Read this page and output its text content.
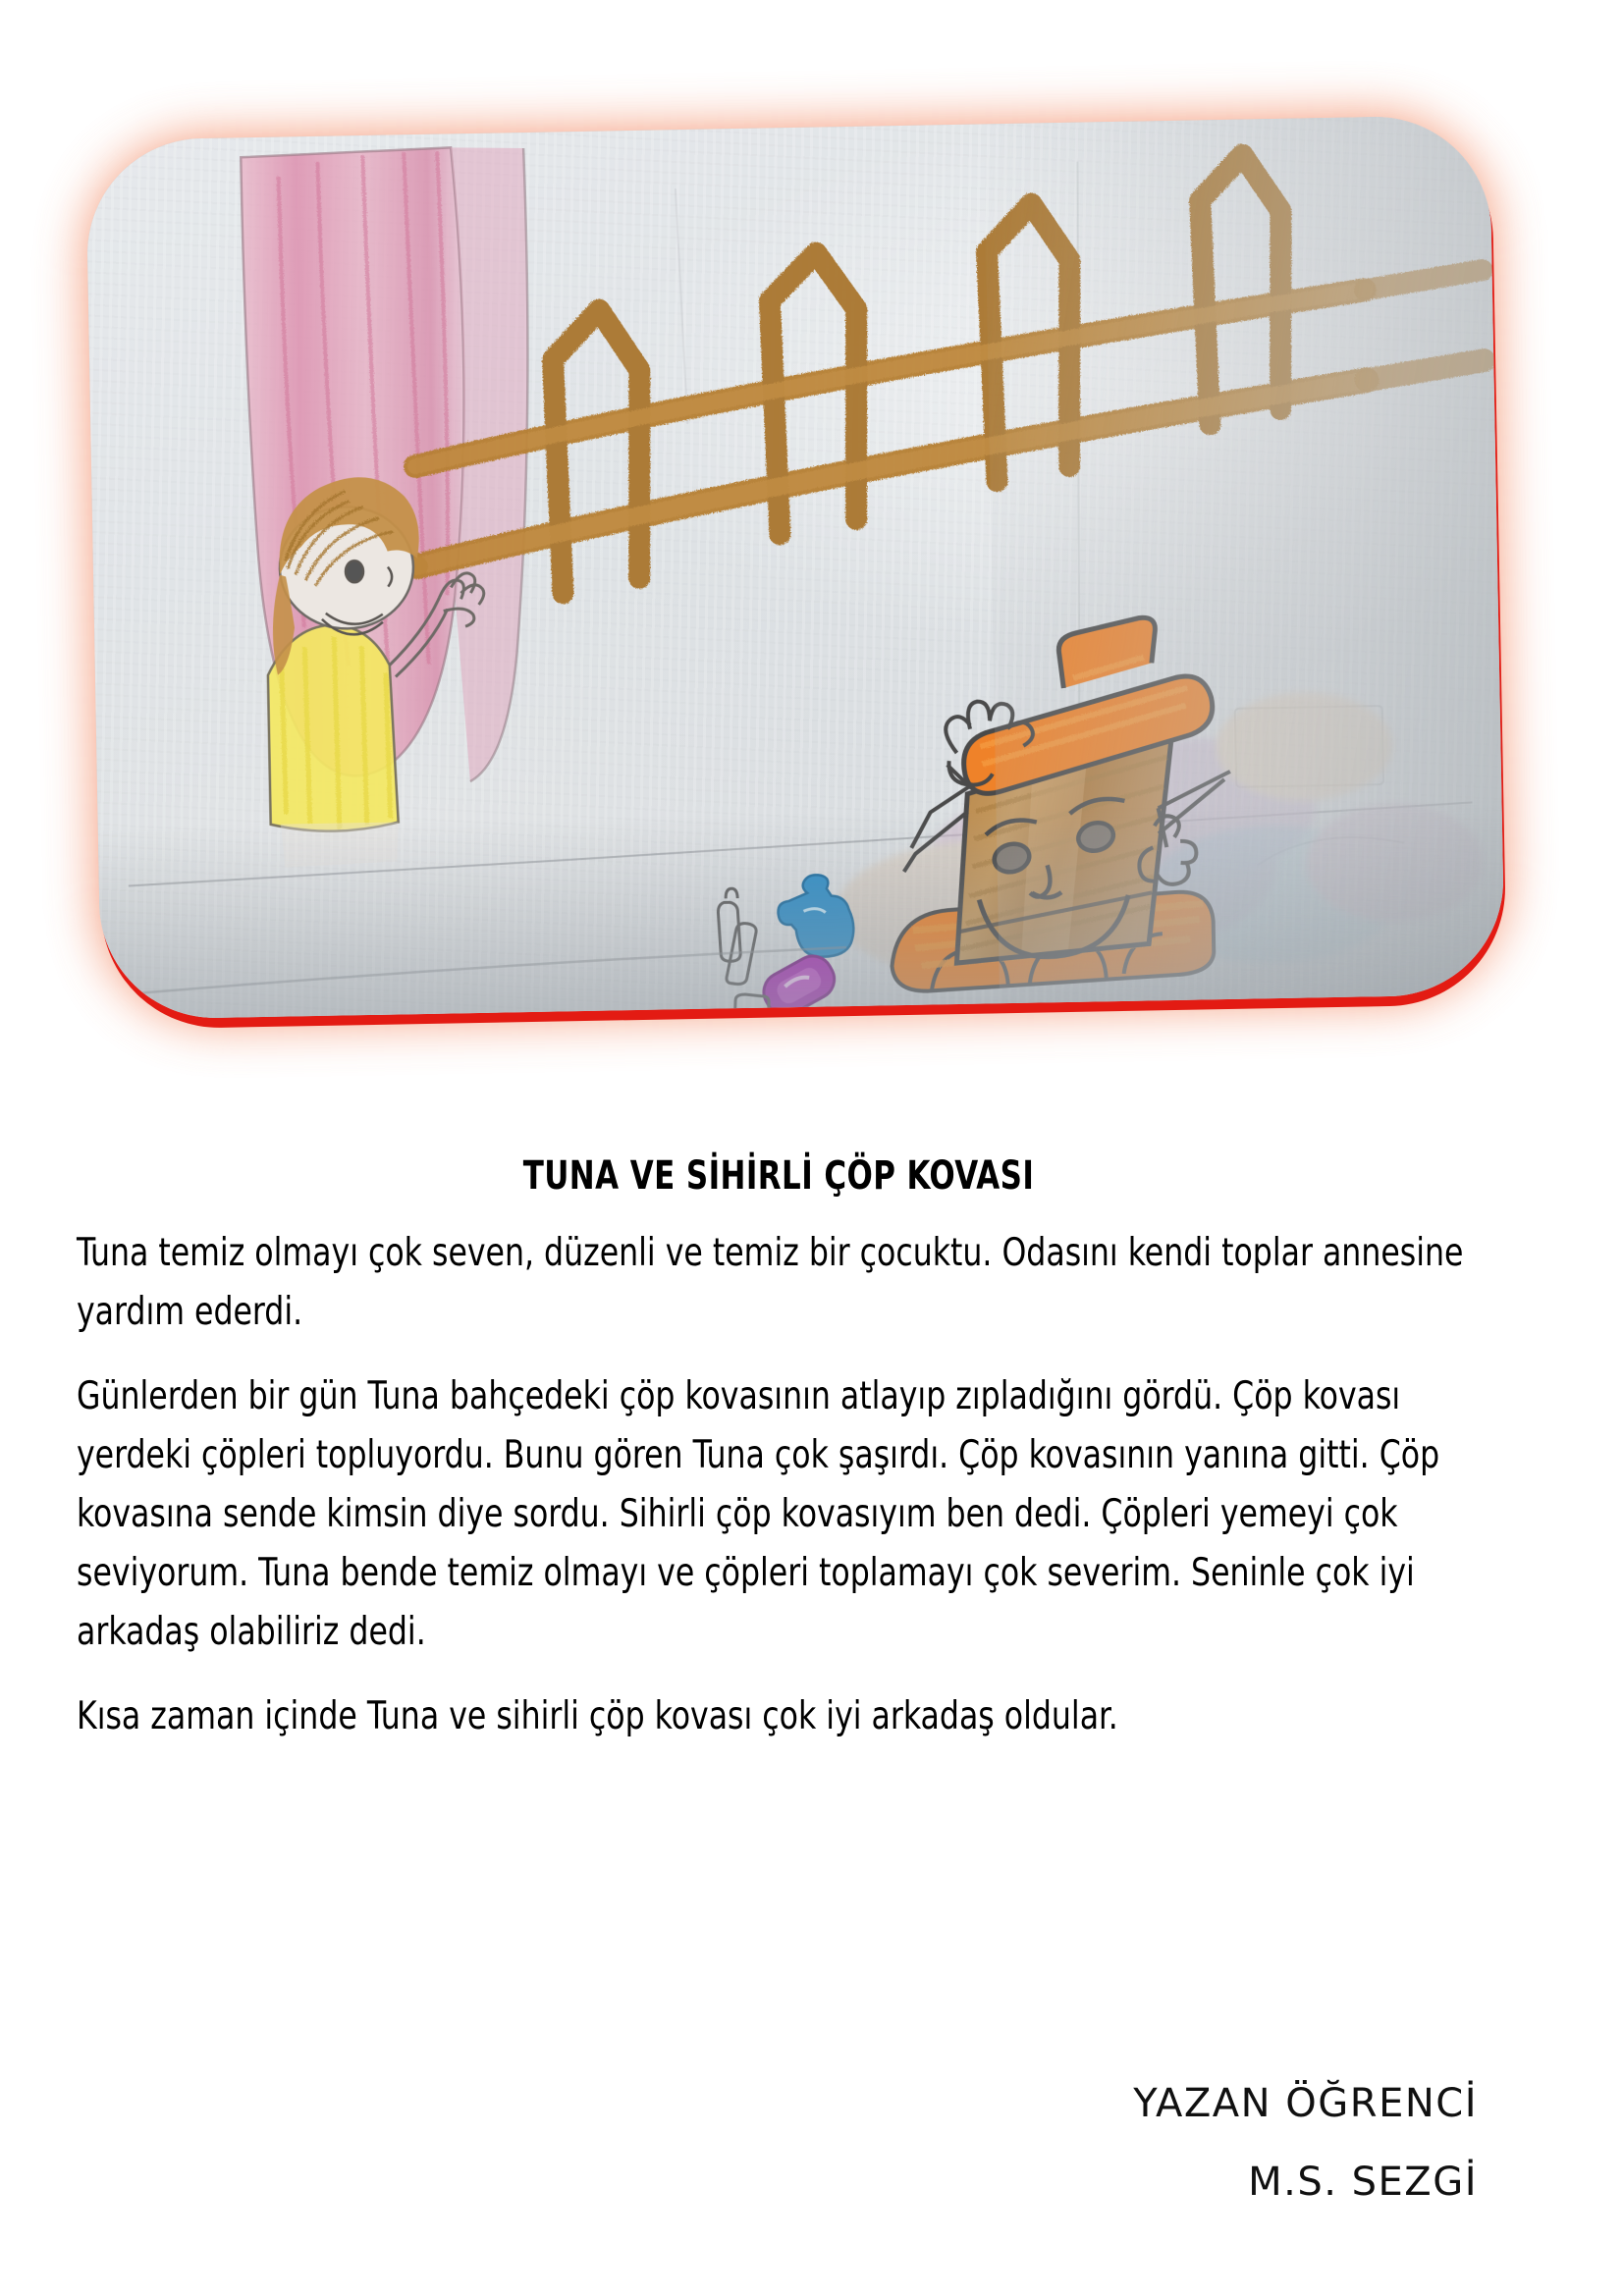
TUNA VE SİHİRLİ ÇÖP KOVASI

Tuna temiz olmayı çok seven, düzenli ve temiz bir çocuktu. Odasını kendi toplar annesine yardım ederdi.

Günlerden bir gün Tuna bahçedeki çöp kovasının atlayıp zıpladığını gördü. Çöp kovası yerdeki çöpleri topluyordu. Bunu gören Tuna çok şaşırdı. Çöp kovasının yanına gitti. Çöp kovasına sende kimsin diye sordu. Sihirli çöp kovasıyım ben dedi. Çöpleri yemeyi çok seviyorum. Tuna bende temiz olmayı ve çöpleri toplamayı çok severim. Seninle çok iyi arkadaş olabiliriz dedi.

Kısa zaman içinde Tuna ve sihirli çöp kovası çok iyi arkadaş oldular.

YAZAN ÖĞRENCİ
M.S. SEZGİ
